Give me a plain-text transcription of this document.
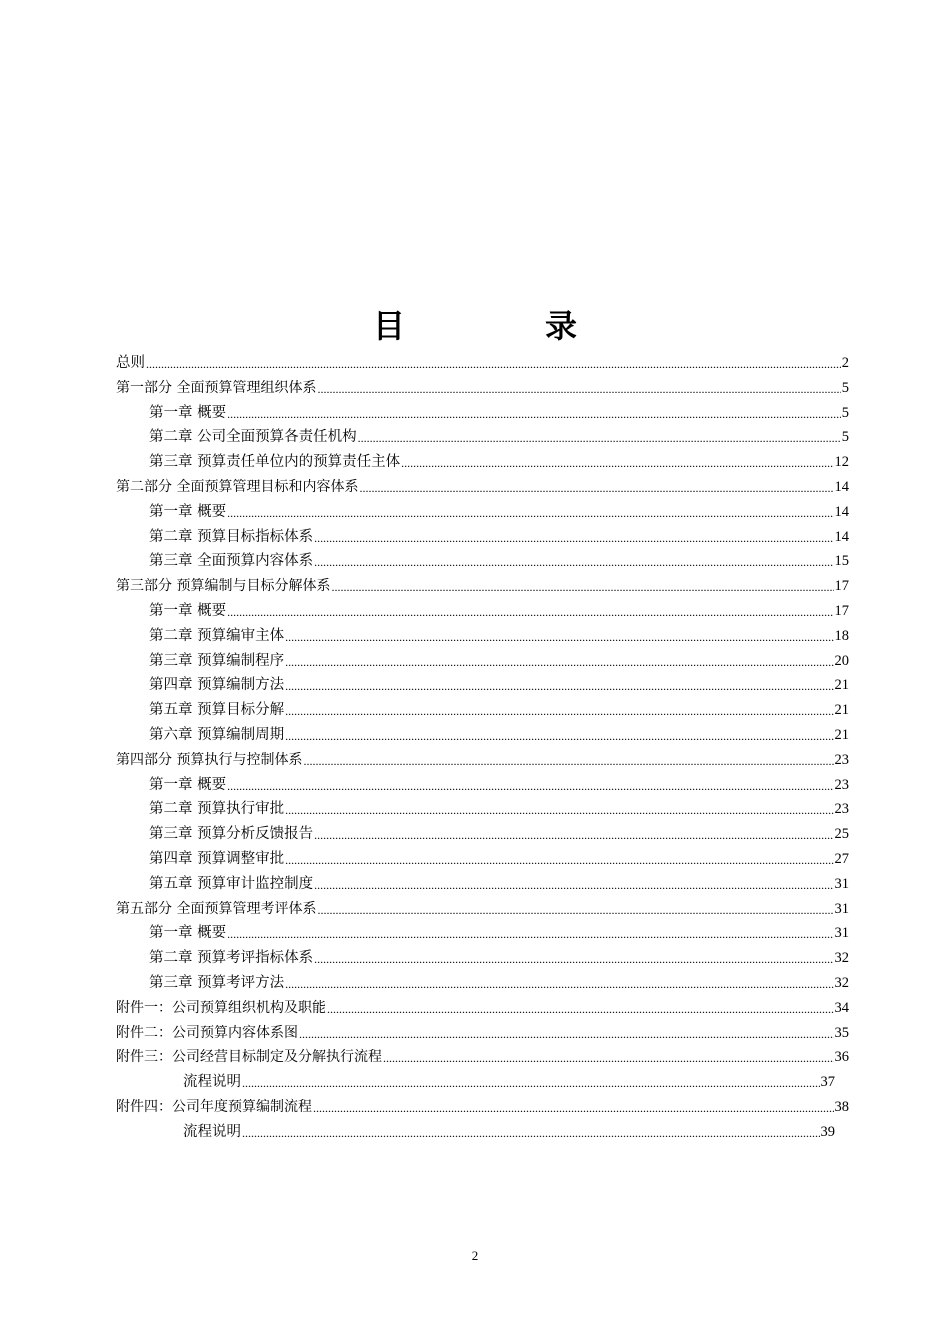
目　录
总则 .....	2
第一部分 全面预算管理组织体系 .....	5
第一章 概要 .....	5
第二章 公司全面预算各责任机构 .....	5
第三章 预算责任单位内的预算责任主体 .....	12
第二部分 全面预算管理目标和内容体系 .....	14
第一章 概要 .....	14
第二章 预算目标指标体系 .....	14
第三章 全面预算内容体系 .....	15
第三部分 预算编制与目标分解体系 .....	17
第一章 概要 .....	17
第二章 预算编审主体 .....	18
第三章 预算编制程序 .....	20
第四章 预算编制方法 .....	21
第五章 预算目标分解 .....	21
第六章 预算编制周期 .....	21
第四部分 预算执行与控制体系 .....	23
第一章 概要 .....	23
第二章 预算执行审批 .....	23
第三章 预算分析反馈报告 .....	25
第四章 预算调整审批 .....	27
第五章 预算审计监控制度 .....	31
第五部分 全面预算管理考评体系 .....	31
第一章 概要 .....	31
第二章 预算考评指标体系 .....	32
第三章 预算考评方法 .....	32
附件一：公司预算组织机构及职能 .....	34
附件二：公司预算内容体系图 .....	35
附件三：公司经营目标制定及分解执行流程 .....	36
流程说明 .....	37
附件四：公司年度预算编制流程 .....	38
流程说明 .....	39
2
